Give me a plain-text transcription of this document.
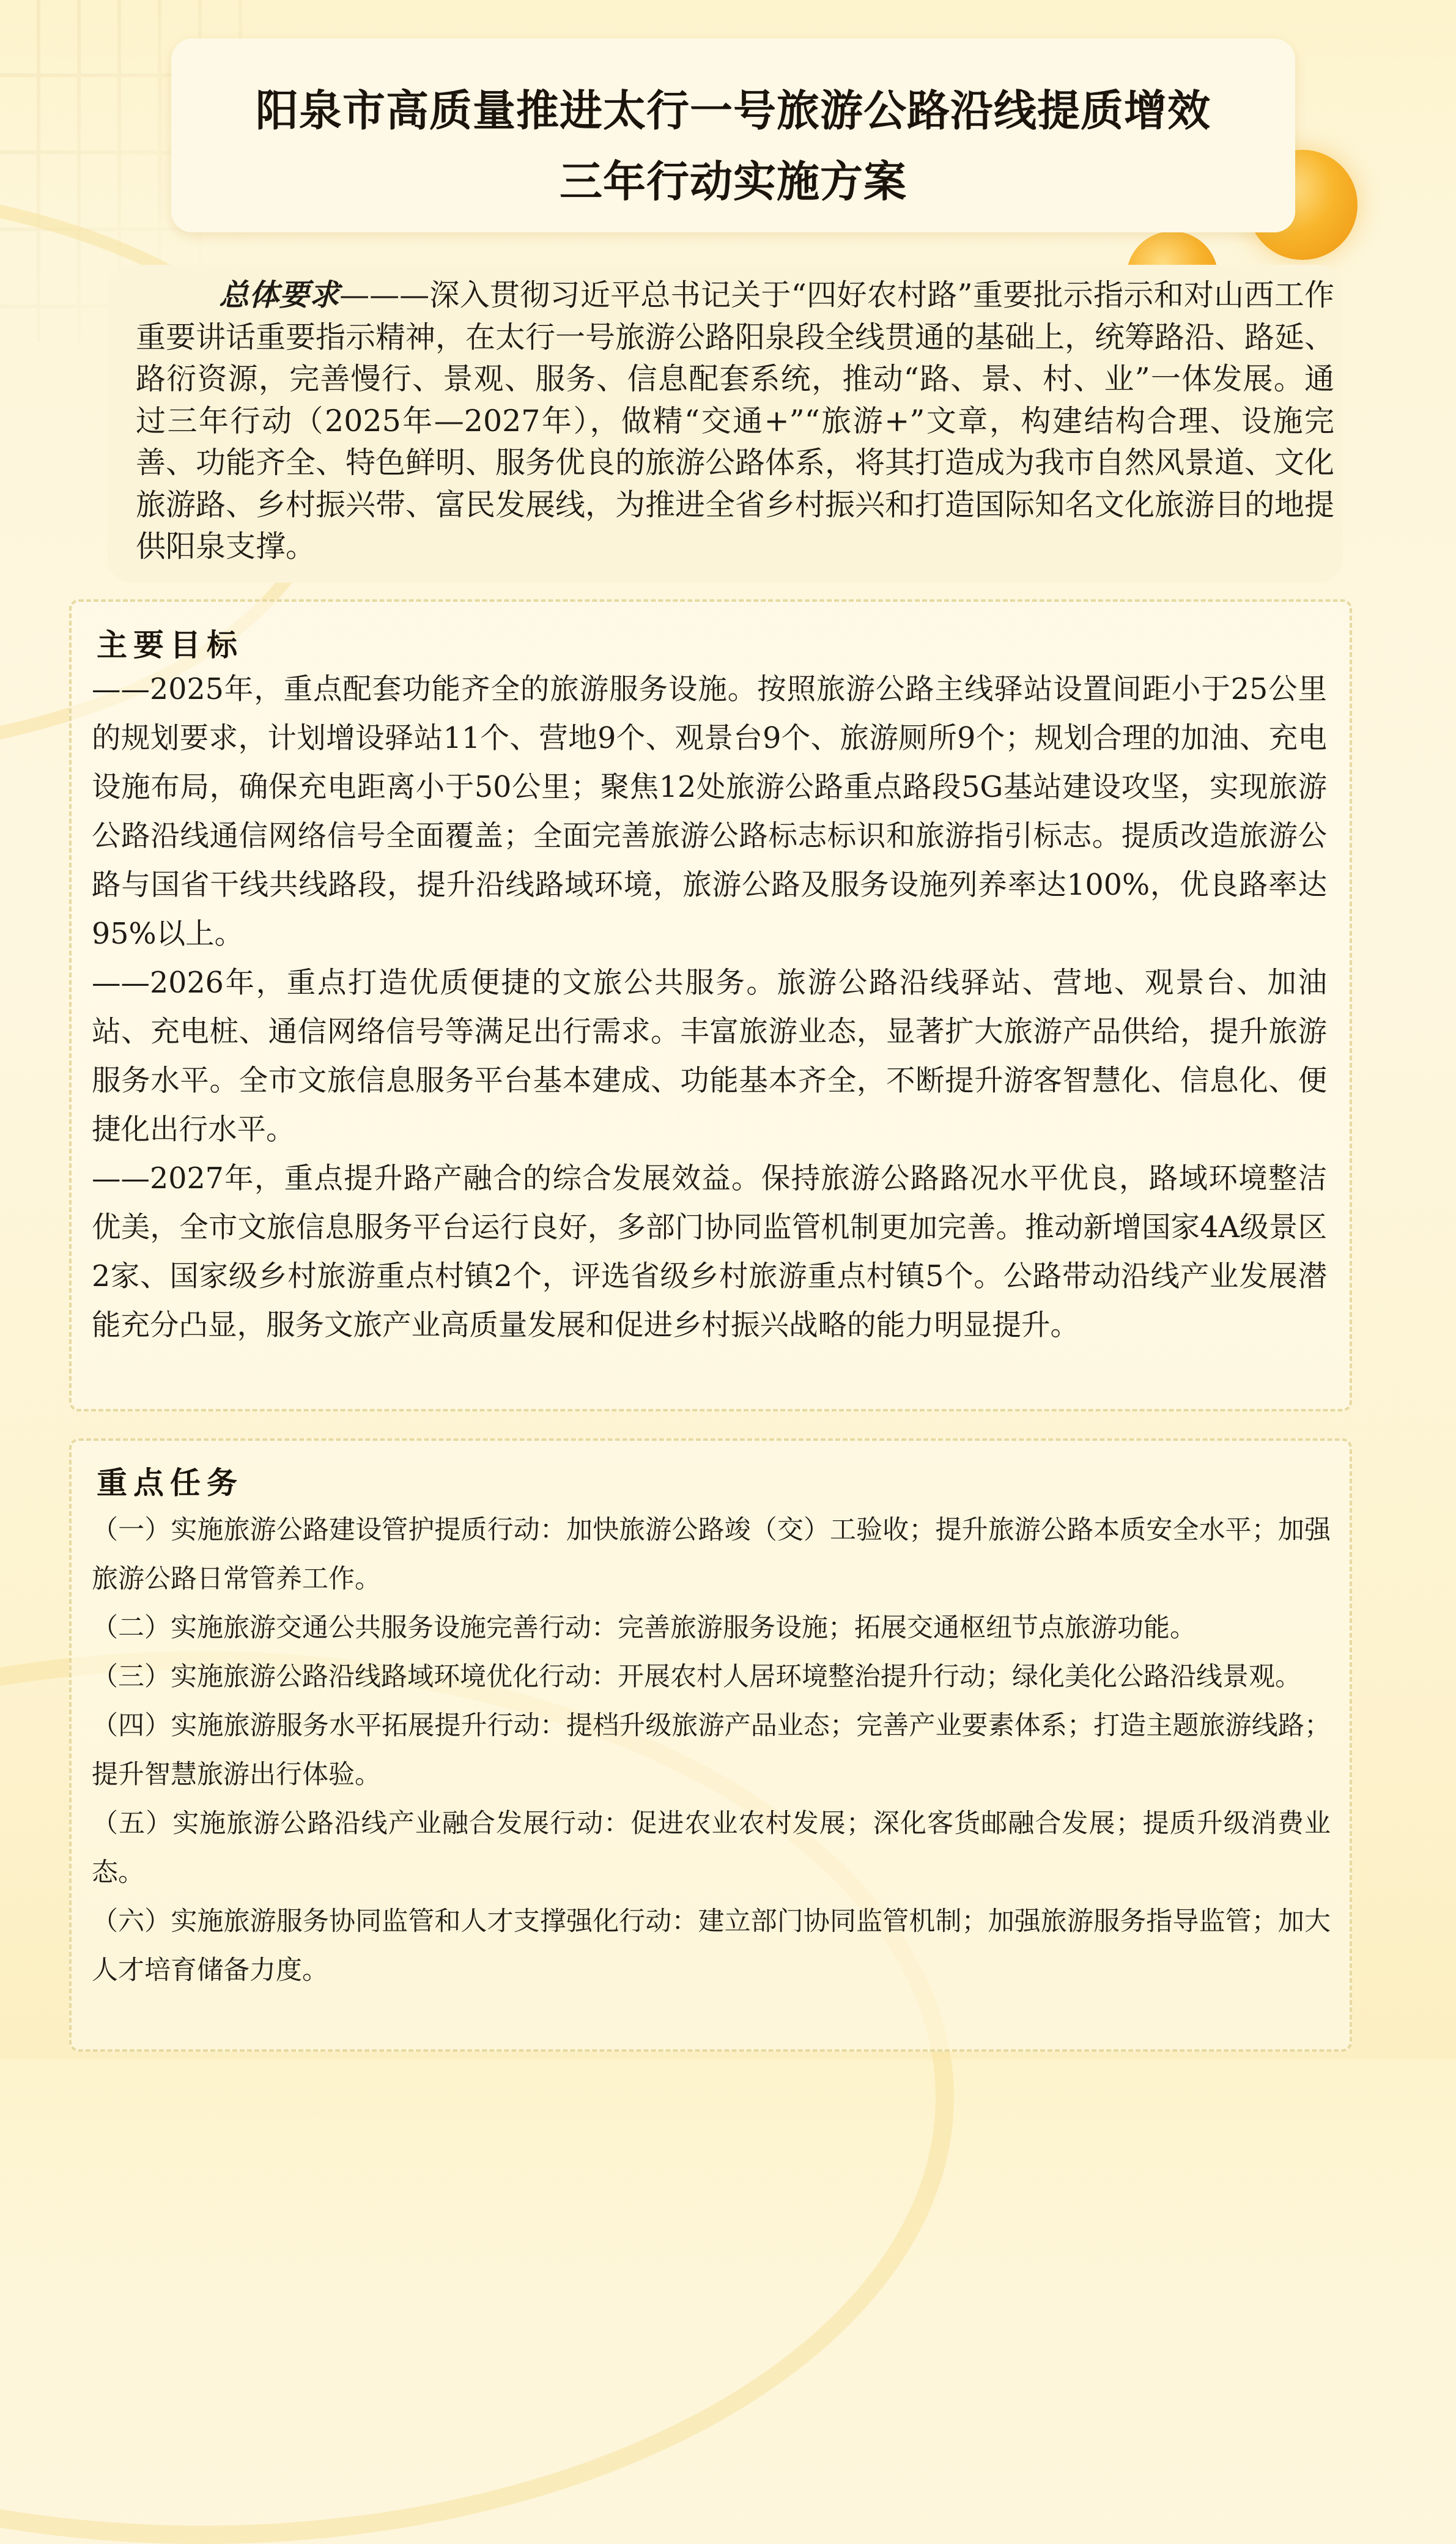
阳泉市高质量推进太行一号旅游公路沿线提质增效
三年行动实施方案
总体要求———深入贯彻习近平总书记关于“四好农村路”重要批示指示和对山西工作重要讲话重要指示精神，在太行一号旅游公路阳泉段全线贯通的基础上，统筹路沿、路延、路衍资源，完善慢行、景观、服务、信息配套系统，推动“路、景、村、业”一体发展。通过三年行动（2025年—2027年），做精“交通+”“旅游+”文章，构建结构合理、设施完善、功能齐全、特色鲜明、服务优良的旅游公路体系，将其打造成为我市自然风景道、文化旅游路、乡村振兴带、富民发展线，为推进全省乡村振兴和打造国际知名文化旅游目的地提供阳泉支撑。
主要目标

——2025年，重点配套功能齐全的旅游服务设施。按照旅游公路主线驿站设置间距小于25公里的规划要求，计划增设驿站11个、营地9个、观景台9个、旅游厕所9个；规划合理的加油、充电设施布局，确保充电距离小于50公里；聚焦12处旅游公路重点路段5G基站建设攻坚，实现旅游公路沿线通信网络信号全面覆盖；全面完善旅游公路标志标识和旅游指引标志。提质改造旅游公路与国省干线共线路段，提升沿线路域环境，旅游公路及服务设施列养率达100%，优良路率达95%以上。

——2026年，重点打造优质便捷的文旅公共服务。旅游公路沿线驿站、营地、观景台、加油站、充电桩、通信网络信号等满足出行需求。丰富旅游业态，显著扩大旅游产品供给，提升旅游服务水平。全市文旅信息服务平台基本建成、功能基本齐全，不断提升游客智慧化、信息化、便捷化出行水平。

——2027年，重点提升路产融合的综合发展效益。保持旅游公路路况水平优良，路域环境整洁优美，全市文旅信息服务平台运行良好，多部门协同监管机制更加完善。推动新增国家4A级景区2家、国家级乡村旅游重点村镇2个，评选省级乡村旅游重点村镇5个。公路带动沿线产业发展潜能充分凸显，服务文旅产业高质量发展和促进乡村振兴战略的能力明显提升。

重点任务

（一）实施旅游公路建设管护提质行动：加快旅游公路竣（交）工验收；提升旅游公路本质安全水平；加强旅游公路日常管养工作。

（二）实施旅游交通公共服务设施完善行动：完善旅游服务设施；拓展交通枢纽节点旅游功能。

（三）实施旅游公路沿线路域环境优化行动：开展农村人居环境整治提升行动；绿化美化公路沿线景观。

（四）实施旅游服务水平拓展提升行动：提档升级旅游产品业态；完善产业要素体系；打造主题旅游线路；提升智慧旅游出行体验。

（五）实施旅游公路沿线产业融合发展行动：促进农业农村发展；深化客货邮融合发展；提质升级消费业态。

（六）实施旅游服务协同监管和人才支撑强化行动：建立部门协同监管机制；加强旅游服务指导监管；加大人才培育储备力度。
